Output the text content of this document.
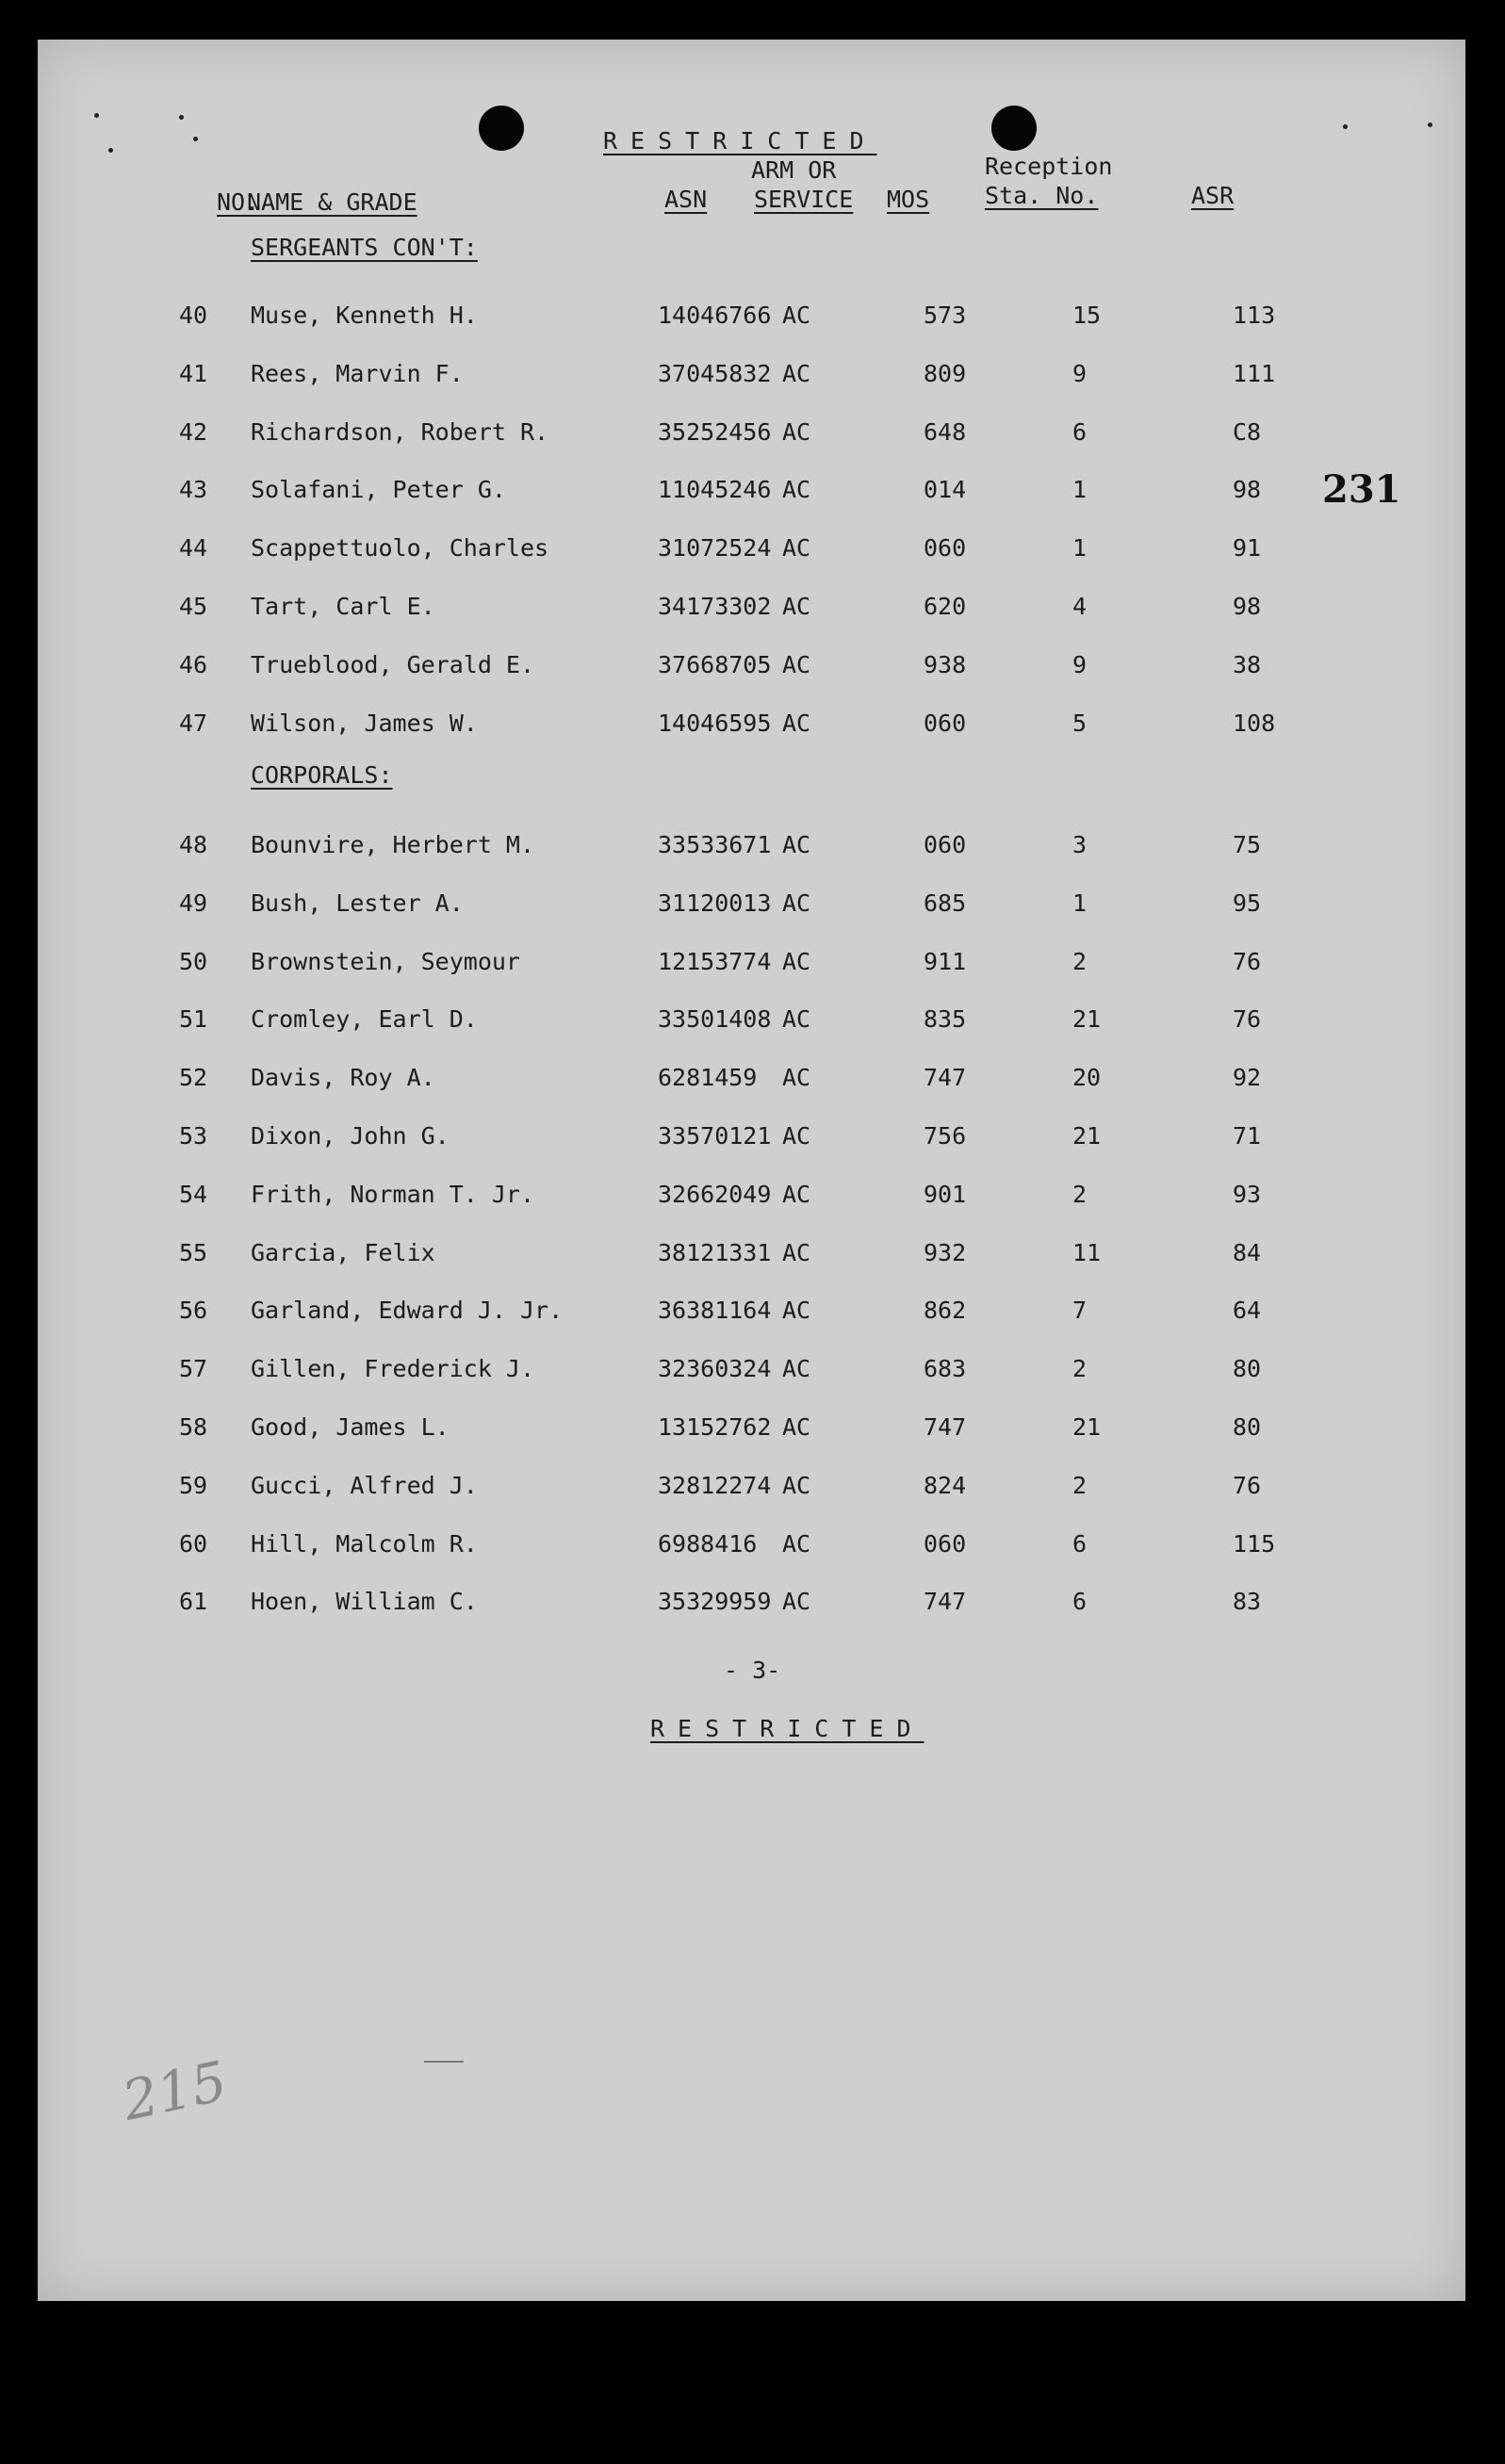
RESTRICTED
NO.
NAME & GRADE	ASN
ARM OR
SERVICE MOS
Reception
Sta. No.	ASR
SERGEANTS CON'T:
40 Muse, Kenneth H.	14046766 AC	573	15	113
41 Rees, Marvin F.	37045832 AC	809	9	111
42 Richardson, Robert R.	35252456 AC	648	6	C8
43 Solafani, Peter G.	11045246 AC	014	1	98
44 Scappettuolo, Charles	31072524 AC	060	1	91
45 Tart, Carl E.	34173302 AC	620	4	98
46 Trueblood, Gerald E.	37668705 AC	938	9	38
47 Wilson, James W.	14046595 AC	060	5	108
CORPORALS:
48 Bounvire, Herbert M.	33533671 AC	060	3	75
49 Bush, Lester A.	31120013 AC	685	1	95
50 Brownstein, Seymour	12153774 AC	911	2	76
51 Cromley, Earl D.	33501408 AC	835	21	76
52 Davis, Roy A.	6281459 AC	747	20	92
53 Dixon, John G.	33570121 AC	756	21	71
54 Frith, Norman T. Jr.	32662049 AC	901	2	93
55 Garcia, Felix	38121331 AC	932	11	84
56 Garland, Edward J. Jr.	36381164 AC	862	7	64
57 Gillen, Frederick J.	32360324 AC	683	2	80
58 Good, James L.	13152762 AC	747	21	80
59 Gucci, Alfred J.	32812274 AC	824	2	76
60 Hill, Malcolm R.	6988416 AC	060	6	115
61 Hoen, William C.	35329959 AC	747	6	83
- 3-
RESTRICTED
231
215
